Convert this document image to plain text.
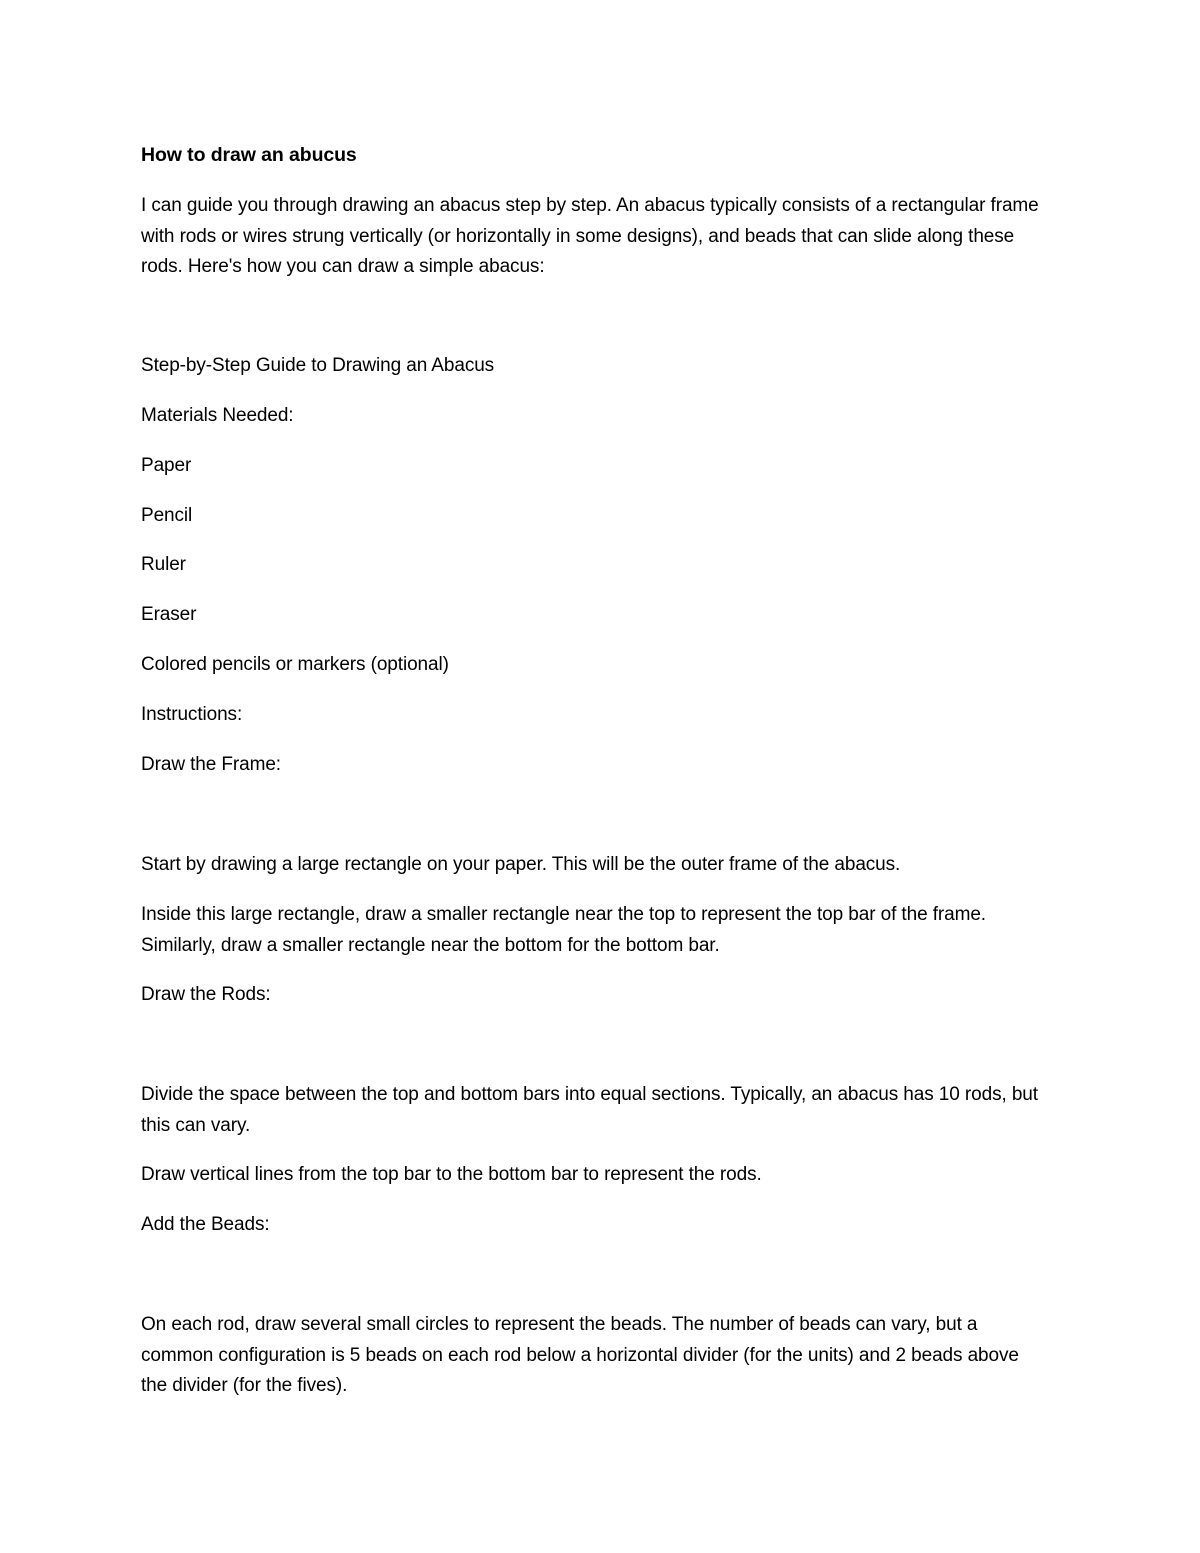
How to draw an abucus
I can guide you through drawing an abacus step by step. An abacus typically consists of a rectangular frame with rods or wires strung vertically (or horizontally in some designs), and beads that can slide along these rods. Here's how you can draw a simple abacus:
Step-by-Step Guide to Drawing an Abacus
Materials Needed:
Paper
Pencil
Ruler
Eraser
Colored pencils or markers (optional)
Instructions:
Draw the Frame:
Start by drawing a large rectangle on your paper. This will be the outer frame of the abacus.
Inside this large rectangle, draw a smaller rectangle near the top to represent the top bar of the frame. Similarly, draw a smaller rectangle near the bottom for the bottom bar.
Draw the Rods:
Divide the space between the top and bottom bars into equal sections. Typically, an abacus has 10 rods, but this can vary.
Draw vertical lines from the top bar to the bottom bar to represent the rods.
Add the Beads:
On each rod, draw several small circles to represent the beads. The number of beads can vary, but a common configuration is 5 beads on each rod below a horizontal divider (for the units) and 2 beads above the divider (for the fives).
